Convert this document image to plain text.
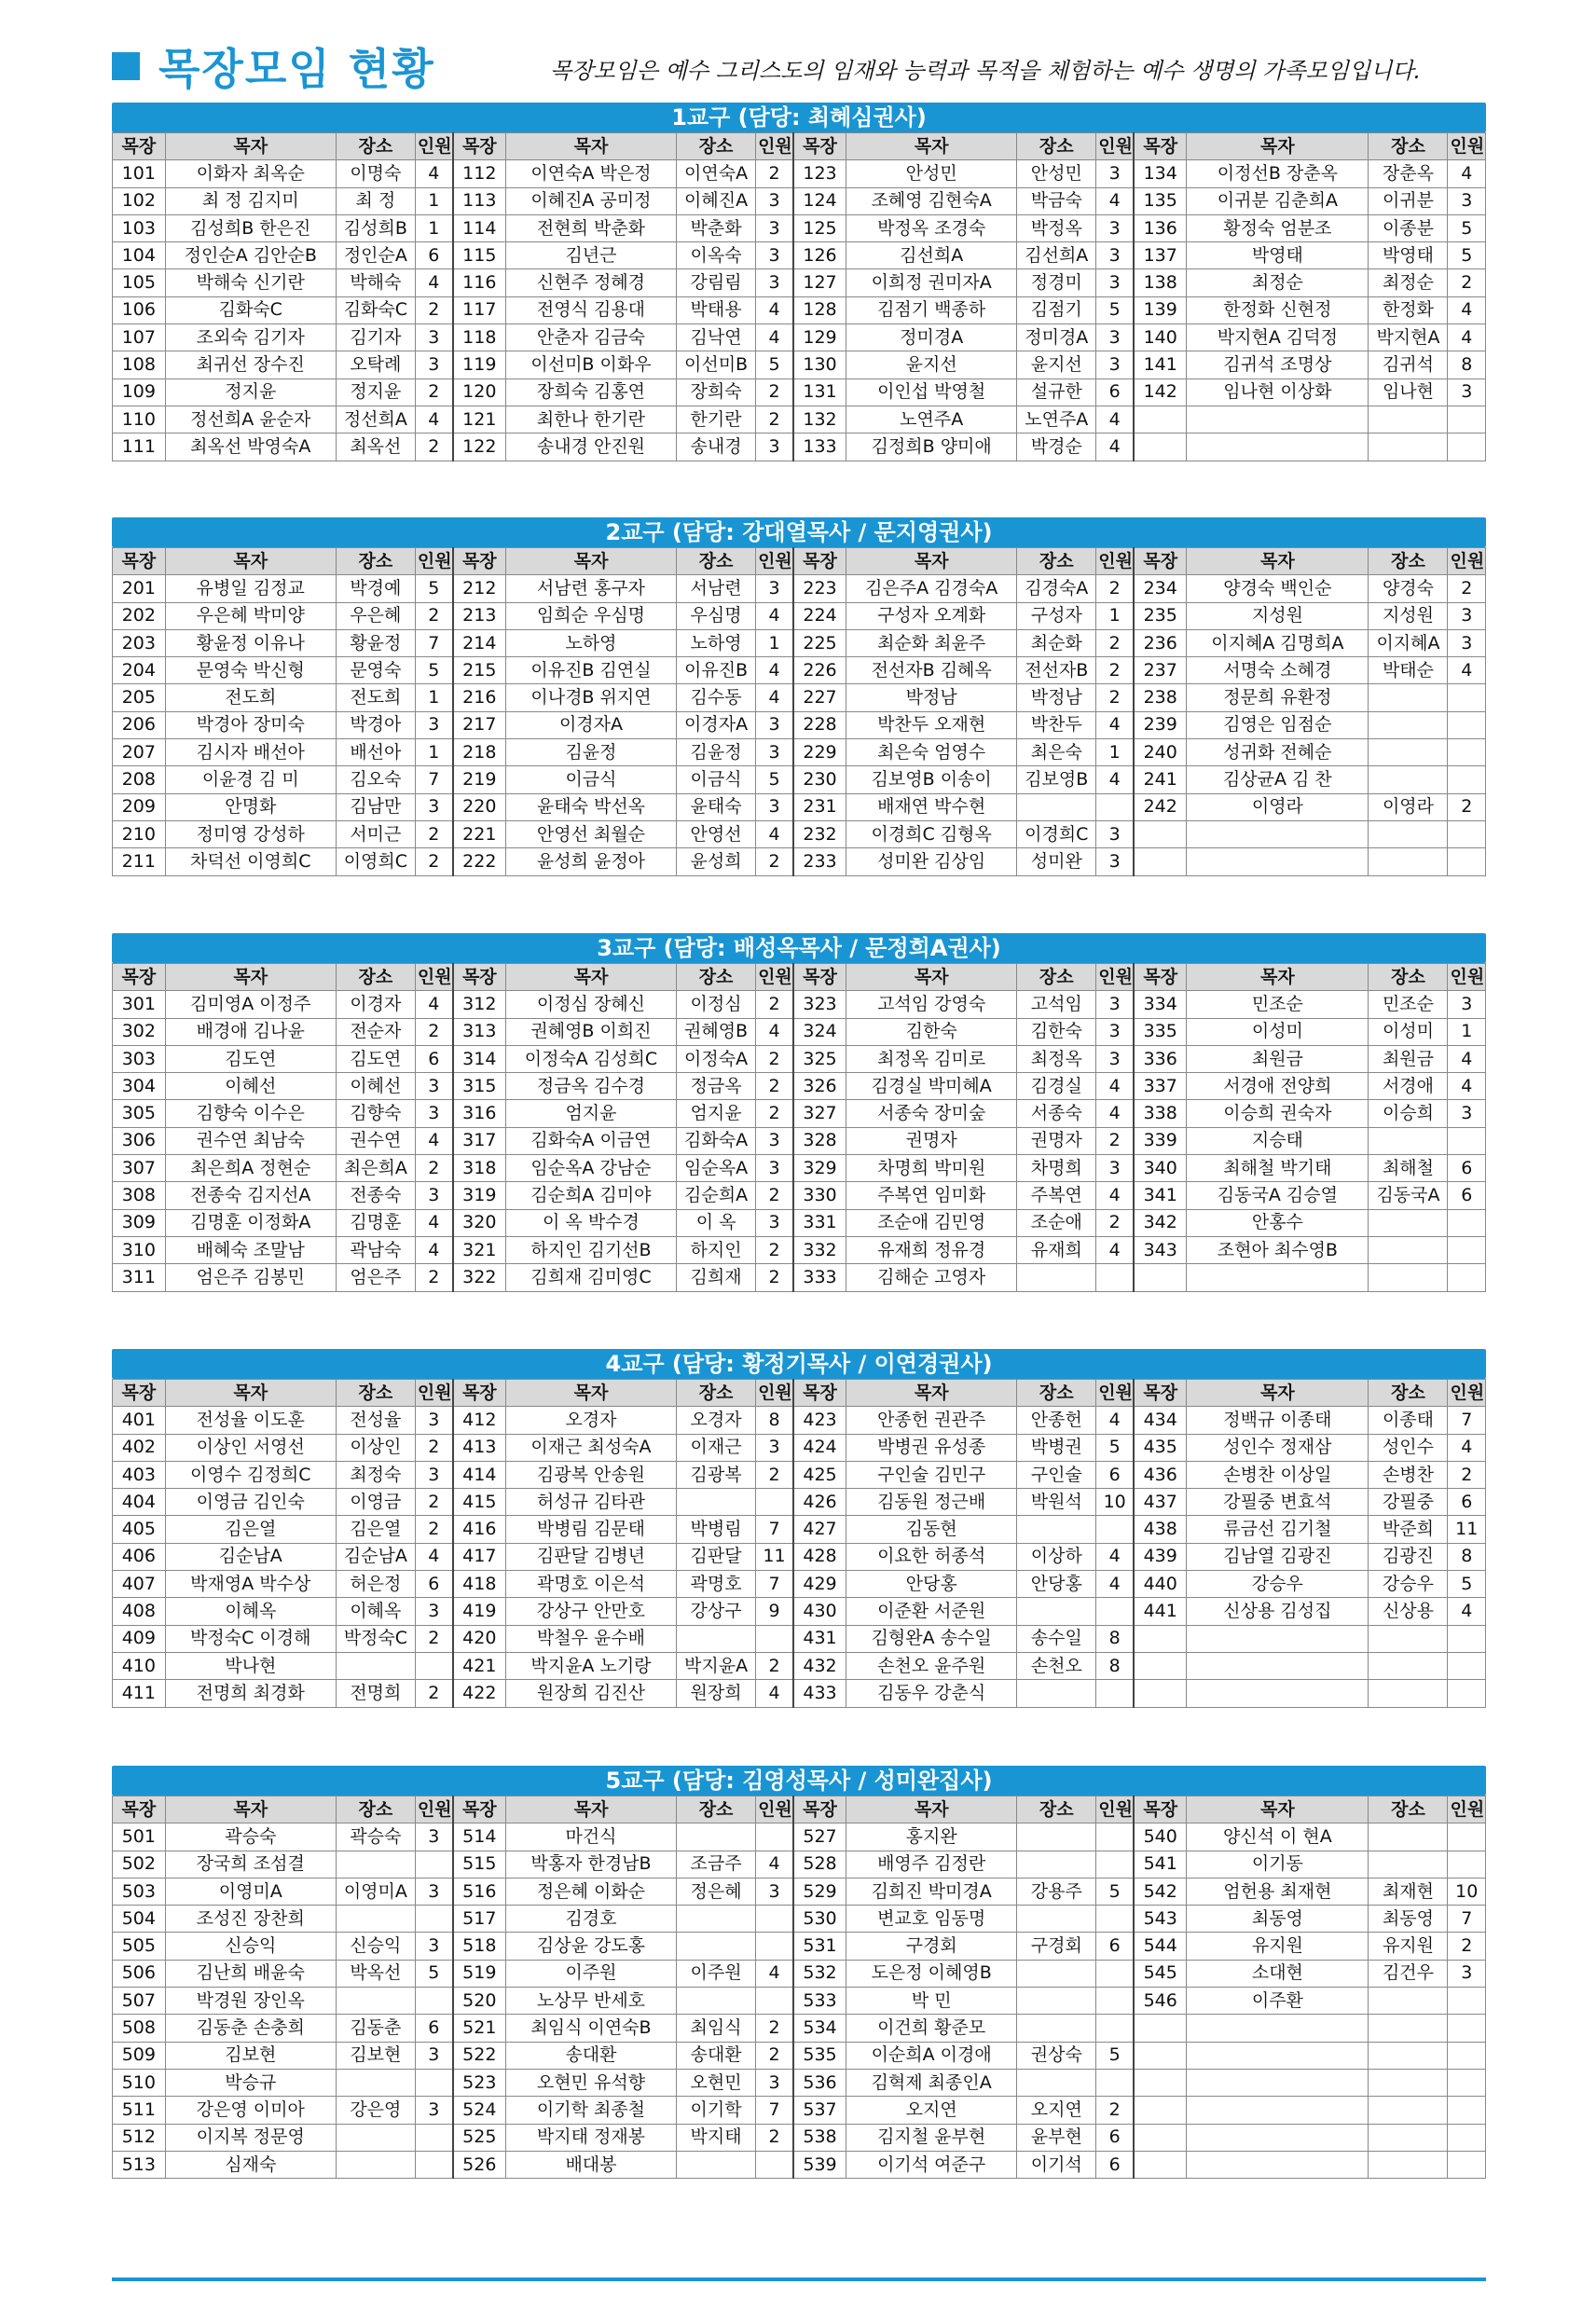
목장모임 현황	목장모임은 예수 그리스도의 임재와 능력과 목적을 체험하는 예수 생명의 가족모임입니다.
1교구 (담당: 최혜심권사)
목장	목자	장소	인원	목장	목자	장소	인원	목장	목자	장소	인원	목장	목자	장소	인원
101	이화자 최옥순	이명숙	4	112	이연숙A 박은정	이연숙A	2	123	안성민	안성민	3	134	이정선B 장춘옥	장춘옥	4
102	최 정 김지미	최 정	1	113	이혜진A 공미정	이혜진A	3	124	조혜영 김현숙A	박금숙	4	135	이귀분 김춘희A	이귀분	3
103	김성희B 한은진	김성희B	1	114	전현희 박춘화	박춘화	3	125	박정옥 조경숙	박정옥	3	136	황정숙 엄분조	이종분	5
104	정인순A 김안순B	정인순A	6	115	김년근	이옥숙	3	126	김선희A	김선희A	3	137	박영태	박영태	5
105	박해숙 신기란	박해숙	4	116	신현주 정혜경	강림림	3	127	이희정 권미자A	정경미	3	138	최정순	최정순	2
106	김화숙C	김화숙C	2	117	전영식 김용대	박태용	4	128	김점기 백종하	김점기	5	139	한정화 신현정	한정화	4
107	조외숙 김기자	김기자	3	118	안춘자 김금숙	김낙연	4	129	정미경A	정미경A	3	140	박지현A 김덕정	박지현A	4
108	최귀선 장수진	오탁례	3	119	이선미B 이화우	이선미B	5	130	윤지선	윤지선	3	141	김귀석 조명상	김귀석	8
109	정지윤	정지윤	2	120	장희숙 김홍연	장희숙	2	131	이인섭 박영철	설규한	6	142	임나현 이상화	임나현	3
110	정선희A 윤순자	정선희A	4	121	최한나 한기란	한기란	2	132	노연주A	노연주A	4				
111	최옥선 박영숙A	최옥선	2	122	송내경 안진원	송내경	3	133	김정희B 양미애	박경순	4				
2교구 (담당: 강대열목사 / 문지영권사)
목장	목자	장소	인원	목장	목자	장소	인원	목장	목자	장소	인원	목장	목자	장소	인원
201	유병일 김정교	박경예	5	212	서남련 홍구자	서남련	3	223	김은주A 김경숙A	김경숙A	2	234	양경숙 백인순	양경숙	2
202	우은혜 박미양	우은혜	2	213	임희순 우심명	우심명	4	224	구성자 오계화	구성자	1	235	지성원	지성원	3
203	황윤정 이유나	황윤정	7	214	노하영	노하영	1	225	최순화 최윤주	최순화	2	236	이지혜A 김명희A	이지혜A	3
204	문영숙 박신형	문영숙	5	215	이유진B 김연실	이유진B	4	226	전선자B 김혜옥	전선자B	2	237	서명숙 소혜경	박태순	4
205	전도희	전도희	1	216	이나경B 위지연	김수동	4	227	박정남	박정남	2	238	정문희 유환정		
206	박경아 장미숙	박경아	3	217	이경자A	이경자A	3	228	박찬두 오재현	박찬두	4	239	김영은 임점순		
207	김시자 배선아	배선아	1	218	김윤정	김윤정	3	229	최은숙 엄영수	최은숙	1	240	성귀화 전혜순		
208	이윤경 김 미	김오숙	7	219	이금식	이금식	5	230	김보영B 이송이	김보영B	4	241	김상균A 김 찬		
209	안명화	김남만	3	220	윤태숙 박선옥	윤태숙	3	231	배재연 박수현			242	이영라	이영라	2
210	정미영 강성하	서미근	2	221	안영선 최월순	안영선	4	232	이경희C 김형옥	이경희C	3				
211	차덕선 이영희C	이영희C	2	222	윤성희 윤정아	윤성희	2	233	성미완 김상임	성미완	3				
3교구 (담당: 배성옥목사 / 문정희A권사)
목장	목자	장소	인원	목장	목자	장소	인원	목장	목자	장소	인원	목장	목자	장소	인원
301	김미영A 이정주	이경자	4	312	이정심 장혜신	이정심	2	323	고석임 강영숙	고석임	3	334	민조순	민조순	3
302	배경애 김나윤	전순자	2	313	권혜영B 이희진	권혜영B	4	324	김한숙	김한숙	3	335	이성미	이성미	1
303	김도연	김도연	6	314	이정숙A 김성희C	이정숙A	2	325	최정옥 김미로	최정옥	3	336	최원금	최원금	4
304	이혜선	이혜선	3	315	정금옥 김수경	정금옥	2	326	김경실 박미혜A	김경실	4	337	서경애 전양희	서경애	4
305	김향숙 이수은	김향숙	3	316	엄지윤	엄지윤	2	327	서종숙 장미숲	서종숙	4	338	이승희 권숙자	이승희	3
306	권수연 최남숙	권수연	4	317	김화숙A 이금연	김화숙A	3	328	권명자	권명자	2	339	지승태		
307	최은희A 정현순	최은희A	2	318	임순옥A 강남순	임순옥A	3	329	차명희 박미원	차명희	3	340	최해철 박기태	최해철	6
308	전종숙 김지선A	전종숙	3	319	김순희A 김미야	김순희A	2	330	주복연 임미화	주복연	4	341	김동국A 김승열	김동국A	6
309	김명훈 이정화A	김명훈	4	320	이 옥 박수경	이 옥	3	331	조순애 김민영	조순애	2	342	안홍수		
310	배혜숙 조말남	곽남숙	4	321	하지인 김기선B	하지인	2	332	유재희 정유경	유재희	4	343	조현아 최수영B		
311	엄은주 김봉민	엄은주	2	322	김희재 김미영C	김희재	2	333	김해순 고영자						
4교구 (담당: 황정기목사 / 이연경권사)
목장	목자	장소	인원	목장	목자	장소	인원	목장	목자	장소	인원	목장	목자	장소	인원
401	전성율 이도훈	전성율	3	412	오경자	오경자	8	423	안종헌 권관주	안종헌	4	434	정백규 이종태	이종태	7
402	이상인 서영선	이상인	2	413	이재근 최성숙A	이재근	3	424	박병권 유성종	박병권	5	435	성인수 정재삼	성인수	4
403	이영수 김정희C	최정숙	3	414	김광복 안송원	김광복	2	425	구인술 김민구	구인술	6	436	손병찬 이상일	손병찬	2
404	이영금 김인숙	이영금	2	415	허성규 김타관			426	김동원 정근배	박원석	10	437	강필중 변효석	강필중	6
405	김은열	김은열	2	416	박병림 김문태	박병림	7	427	김동현			438	류금선 김기철	박준희	11
406	김순남A	김순남A	4	417	김판달 김병년	김판달	11	428	이요한 허종석	이상하	4	439	김남열 김광진	김광진	8
407	박재영A 박수상	허은정	6	418	곽명호 이은석	곽명호	7	429	안당홍	안당홍	4	440	강승우	강승우	5
408	이혜옥	이혜옥	3	419	강상구 안만호	강상구	9	430	이준환 서준원			441	신상용 김성집	신상용	4
409	박정숙C 이경해	박정숙C	2	420	박철우 윤수배			431	김형완A 송수일	송수일	8				
410	박나현			421	박지윤A 노기랑	박지윤A	2	432	손천오 윤주원	손천오	8				
411	전명희 최경화	전명희	2	422	원장희 김진산	원장희	4	433	김동우 강춘식						
5교구 (담당: 김영성목사 / 성미완집사)
목장	목자	장소	인원	목장	목자	장소	인원	목장	목자	장소	인원	목장	목자	장소	인원
501	곽승숙	곽승숙	3	514	마건식			527	홍지완			540	양신석 이 현A		
502	장국희 조섬결			515	박홍자 한경남B	조금주	4	528	배영주 김정란			541	이기동		
503	이영미A	이영미A	3	516	정은혜 이화순	정은혜	3	529	김희진 박미경A	강용주	5	542	엄헌용 최재현	최재현	10
504	조성진 장찬희			517	김경호			530	변교호 임동명			543	최동영	최동영	7
505	신승익	신승익	3	518	김상윤 강도홍			531	구경회	구경회	6	544	유지원	유지원	2
506	김난희 배윤숙	박옥선	5	519	이주원	이주원	4	532	도은정 이혜영B			545	소대현	김건우	3
507	박경원 장인옥			520	노상무 반세호			533	박 민			546	이주환		
508	김동춘 손충희	김동춘	6	521	최임식 이연숙B	최임식	2	534	이건희 황준모						
509	김보현	김보현	3	522	송대환	송대환	2	535	이순희A 이경애	권상숙	5				
510	박승규			523	오현민 유석향	오현민	3	536	김혁제 최종인A						
511	강은영 이미아	강은영	3	524	이기학 최종철	이기학	7	537	오지연	오지연	2				
512	이지복 정문영			525	박지태 정재봉	박지태	2	538	김지철 윤부현	윤부현	6				
513	심재숙			526	배대봉			539	이기석 여준구	이기석	6				
